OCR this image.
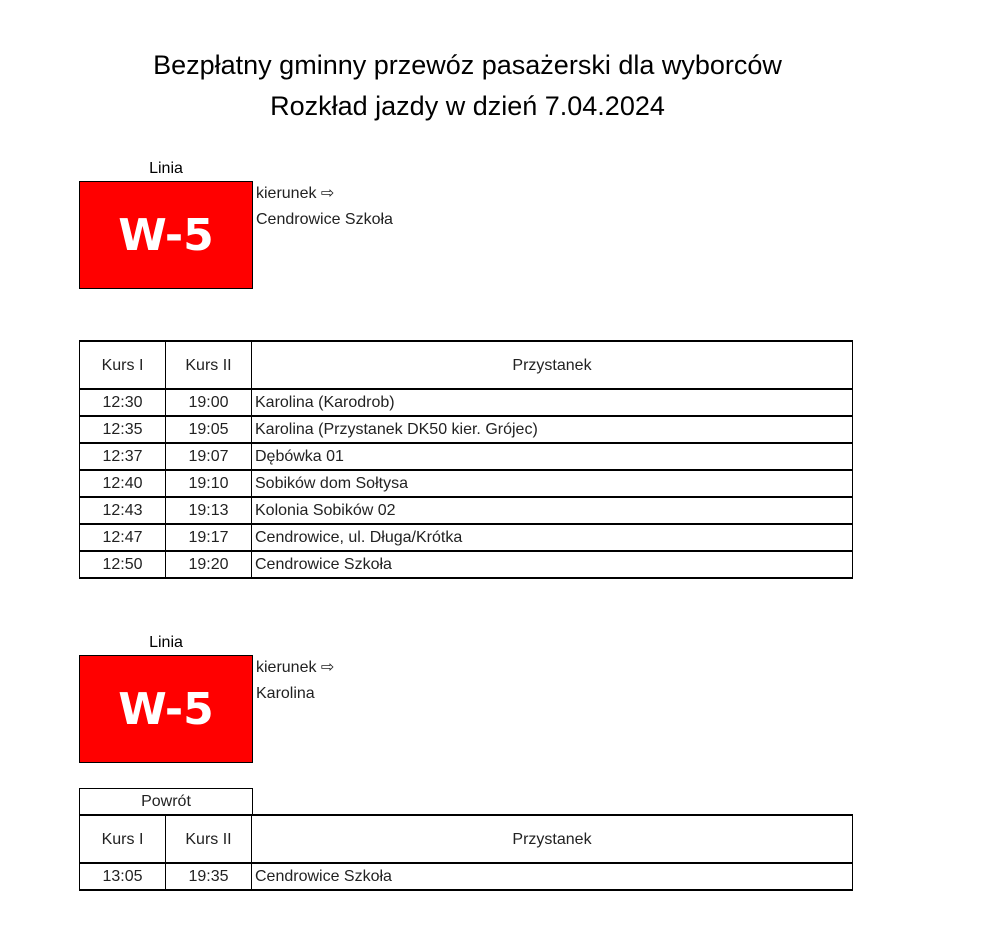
Bezpłatny gminny przewóz pasażerski dla wyborców
Rozkład jazdy w dzień 7.04.2024
Linia
W-5
kierunek ⇨
Cendrowice Szkoła
Kurs I	Kurs II	Przystanek
12:30	19:00	Karolina (Karodrob)
12:35	19:05	Karolina (Przystanek DK50 kier. Grójec)
12:37	19:07	Dębówka 01
12:40	19:10	Sobików dom Sołtysa
12:43	19:13	Kolonia Sobików 02
12:47	19:17	Cendrowice, ul. Długa/Krótka
12:50	19:20	Cendrowice Szkoła
Linia
W-5
kierunek ⇨
Karolina
Powrót
Kurs I	Kurs II	Przystanek
13:05	19:35	Cendrowice Szkoła
